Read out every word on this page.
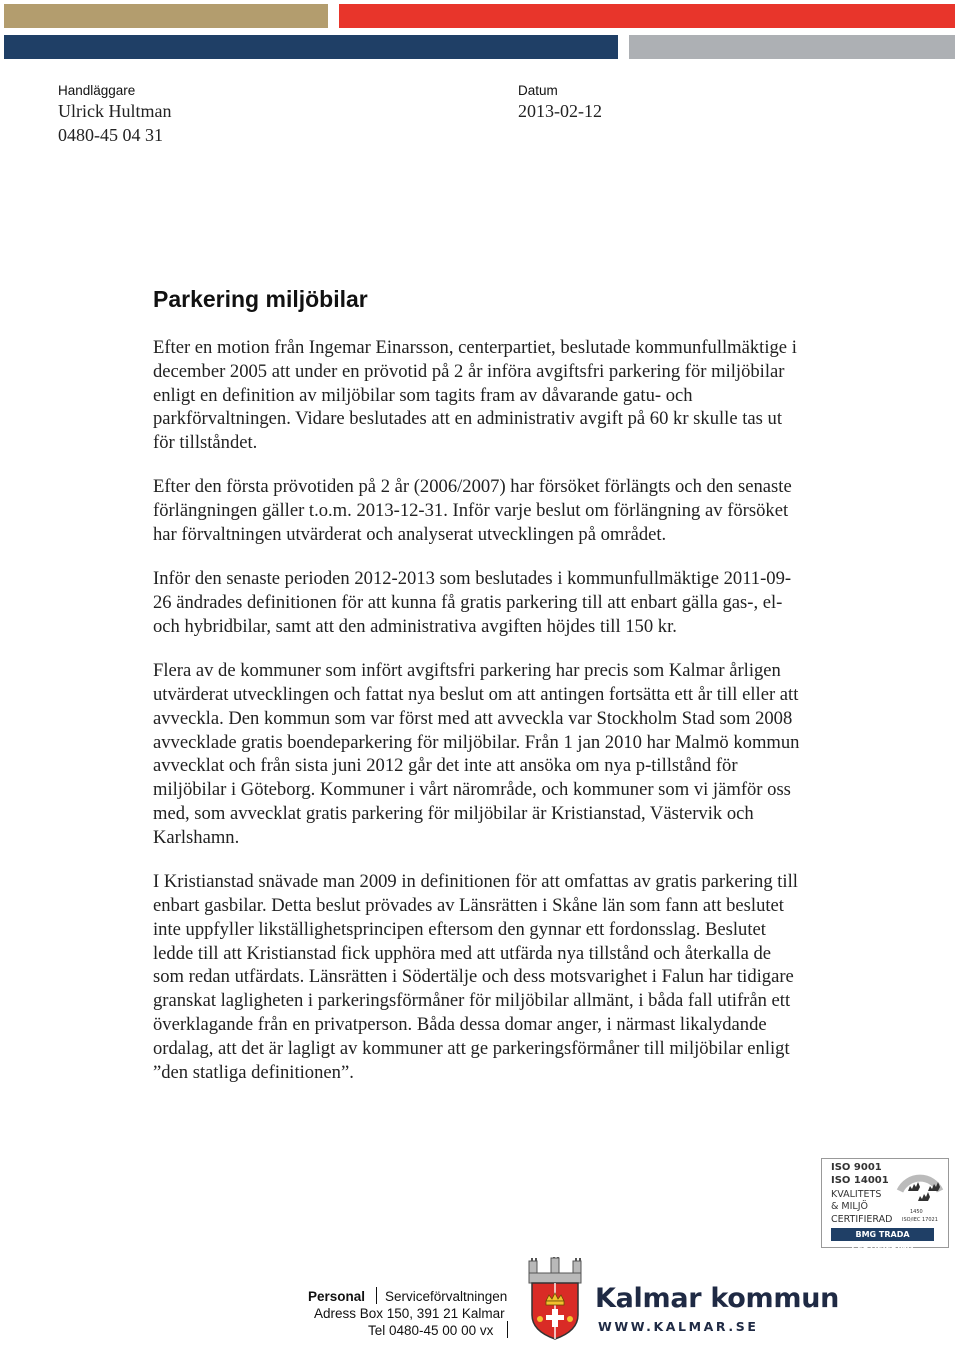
Handläggare
Ulrick Hultman
0480-45 04 31
Datum
2013-02-12
Parkering miljöbilar

Efter en motion från Ingemar Einarsson, centerpartiet, beslutade kommunfullmäktige i december 2005 att under en prövotid på 2 år införa avgiftsfri parkering för miljöbilar enligt en definition av miljöbilar som tagits fram av dåvarande gatu- och parkförvaltningen. Vidare beslutades att en administrativ avgift på 60 kr skulle tas ut för tillståndet.

Efter den första prövotiden på 2 år (2006/2007) har försöket förlängts och den senaste förlängningen gäller t.o.m. 2013-12-31. Inför varje beslut om förlängning av försöket har förvaltningen utvärderat och analyserat utvecklingen på området.

Inför den senaste perioden 2012-2013 som beslutades i kommunfullmäktige 2011-09-26 ändrades definitionen för att kunna få gratis parkering till att enbart gälla gas-, el- och hybridbilar, samt att den administrativa avgiften höjdes till 150 kr.

Flera av de kommuner som infört avgiftsfri parkering har precis som Kalmar årligen utvärderat utvecklingen och fattat nya beslut om att antingen fortsätta ett år till eller att avveckla. Den kommun som var först med att avveckla var Stockholm Stad som 2008 avvecklade gratis boendeparkering för miljöbilar. Från 1 jan 2010 har Malmö kommun avvecklat och från sista juni 2012 går det inte att ansöka om nya p-tillstånd för miljöbilar i Göteborg. Kommuner i vårt närområde, och kommuner som vi jämför oss med, som avvecklat gratis parkering för miljöbilar är Kristianstad, Västervik och Karlshamn.

I Kristianstad snävade man 2009 in definitionen för att omfattas av gratis parkering till enbart gasbilar. Detta beslut prövades av Länsrätten i Skåne län som fann att beslutet inte uppfyller likställighetsprincipen eftersom den gynnar ett fordonsslag. Beslutet ledde till att Kristianstad fick upphöra med att utfärda nya tillstånd och återkalla de som redan utfärdats. Länsrätten i Södertälje och dess motsvarighet i Falun har tidigare granskat lagligheten i parkeringsförmåner för miljöbilar allmänt, i båda fall utifrån ett överklagande från en privatperson. Båda dessa domar anger, i närmast likalydande ordalag, att det är lagligt av kommuner att ge parkeringsförmåner till miljöbilar enligt ”den statliga definitionen”.

ISO 9001
ISO 14001
KVALITETS
& MILJÖ
CERTIFIERAD ISO/IEC 17021
1450
BMG TRADA CERTIFIERING
Personal Serviceförvaltningen
Adress Box 150, 391 21 Kalmar
Tel 0480-45 00 00 vx
Kalmar kommun
WWW.KALMAR.SE
